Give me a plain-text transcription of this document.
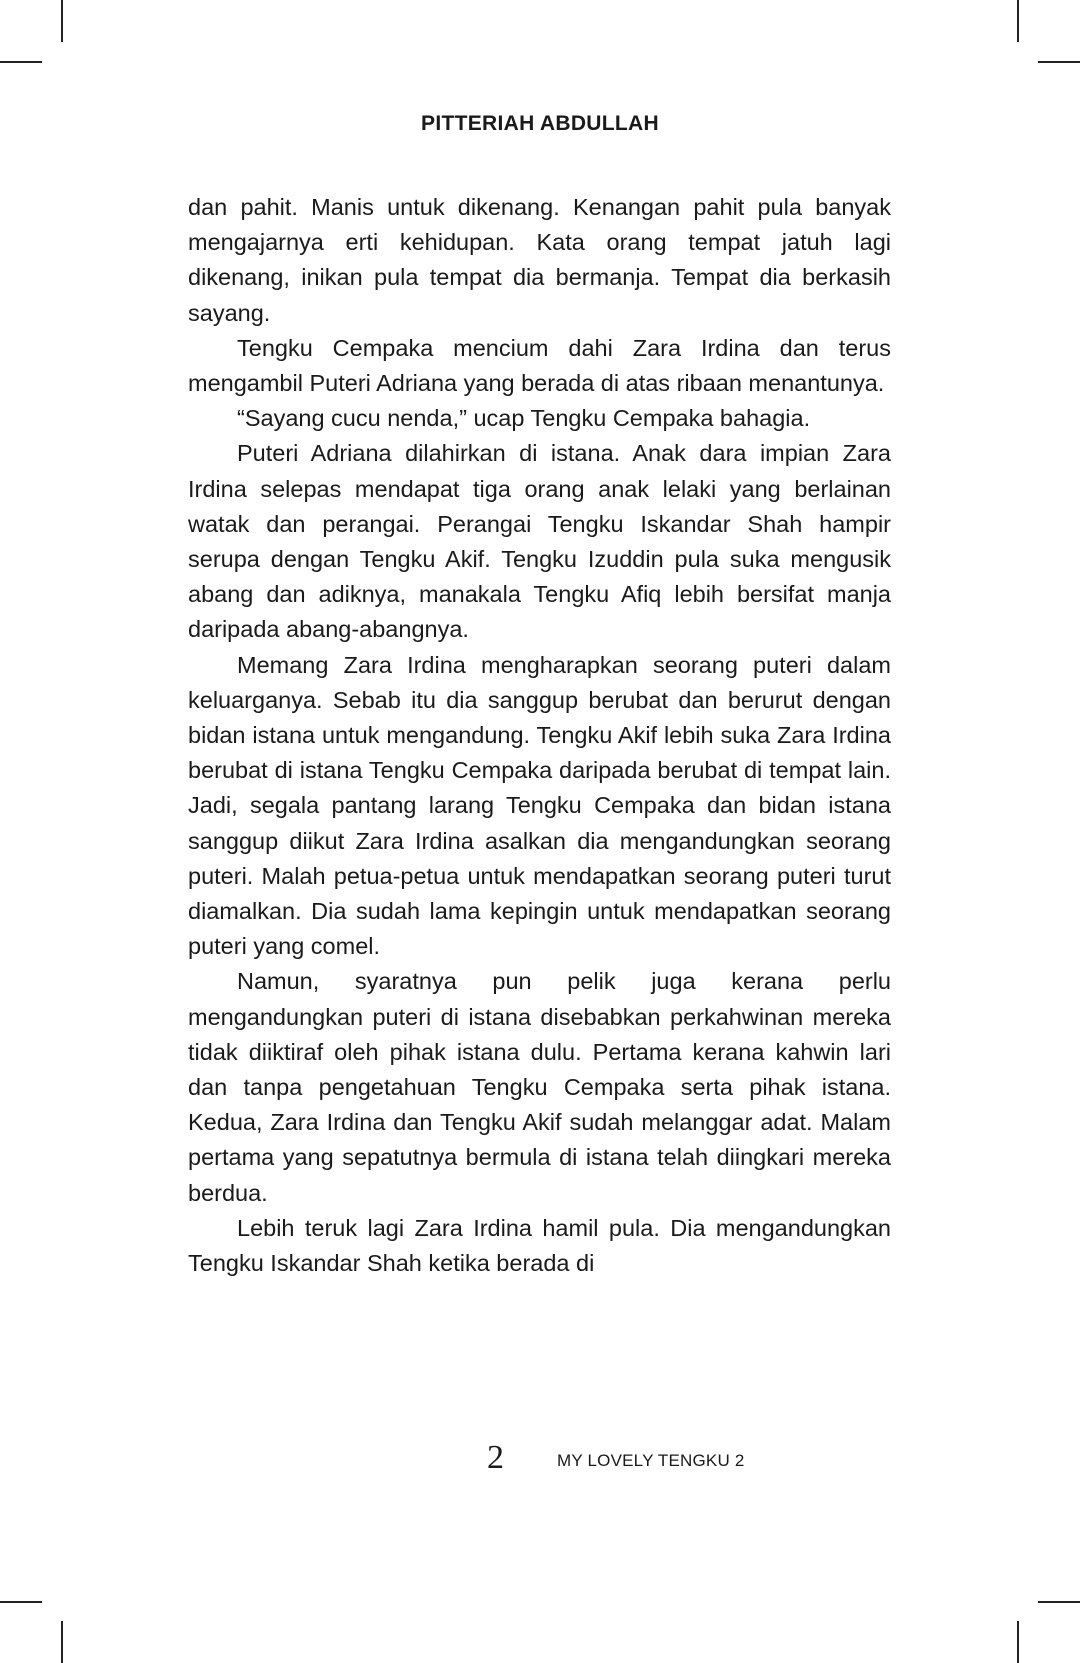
PITTERIAH ABDULLAH

dan pahit. Manis untuk dikenang. Kenangan pahit pula banyak mengajarnya erti kehidupan. Kata orang tempat jatuh lagi dikenang, inikan pula tempat dia bermanja. Tempat dia berkasih sayang.

Tengku Cempaka mencium dahi Zara Irdina dan terus mengambil Puteri Adriana yang berada di atas ribaan menantunya.

“Sayang cucu nenda,” ucap Tengku Cempaka bahagia.

Puteri Adriana dilahirkan di istana. Anak dara impian Zara Irdina selepas mendapat tiga orang anak lelaki yang berlainan watak dan perangai. Perangai Tengku Iskandar Shah hampir serupa dengan Tengku Akif. Tengku Izuddin pula suka mengusik abang dan adiknya, manakala Tengku Afiq lebih bersifat manja daripada abang-abangnya.

Memang Zara Irdina mengharapkan seorang puteri dalam keluarganya. Sebab itu dia sanggup berubat dan berurut dengan bidan istana untuk mengandung. Tengku Akif lebih suka Zara Irdina berubat di istana Tengku Cempaka daripada berubat di tempat lain. Jadi, segala pantang larang Tengku Cempaka dan bidan istana sanggup diikut Zara Irdina asalkan dia mengandungkan seorang puteri. Malah petua-petua untuk mendapatkan seorang puteri turut diamalkan. Dia sudah lama kepingin untuk mendapatkan seorang puteri yang comel.

Namun, syaratnya pun pelik juga kerana perlu mengandungkan puteri di istana disebabkan perkahwinan mereka tidak diiktiraf oleh pihak istana dulu. Pertama kerana kahwin lari dan tanpa pengetahuan Tengku Cempaka serta pihak istana. Kedua, Zara Irdina dan Tengku Akif sudah melanggar adat. Malam pertama yang sepatutnya bermula di istana telah diingkari mereka berdua.

Lebih teruk lagi Zara Irdina hamil pula. Dia mengandungkan Tengku Iskandar Shah ketika berada di

2	MY LOVELY TENGKU 2
